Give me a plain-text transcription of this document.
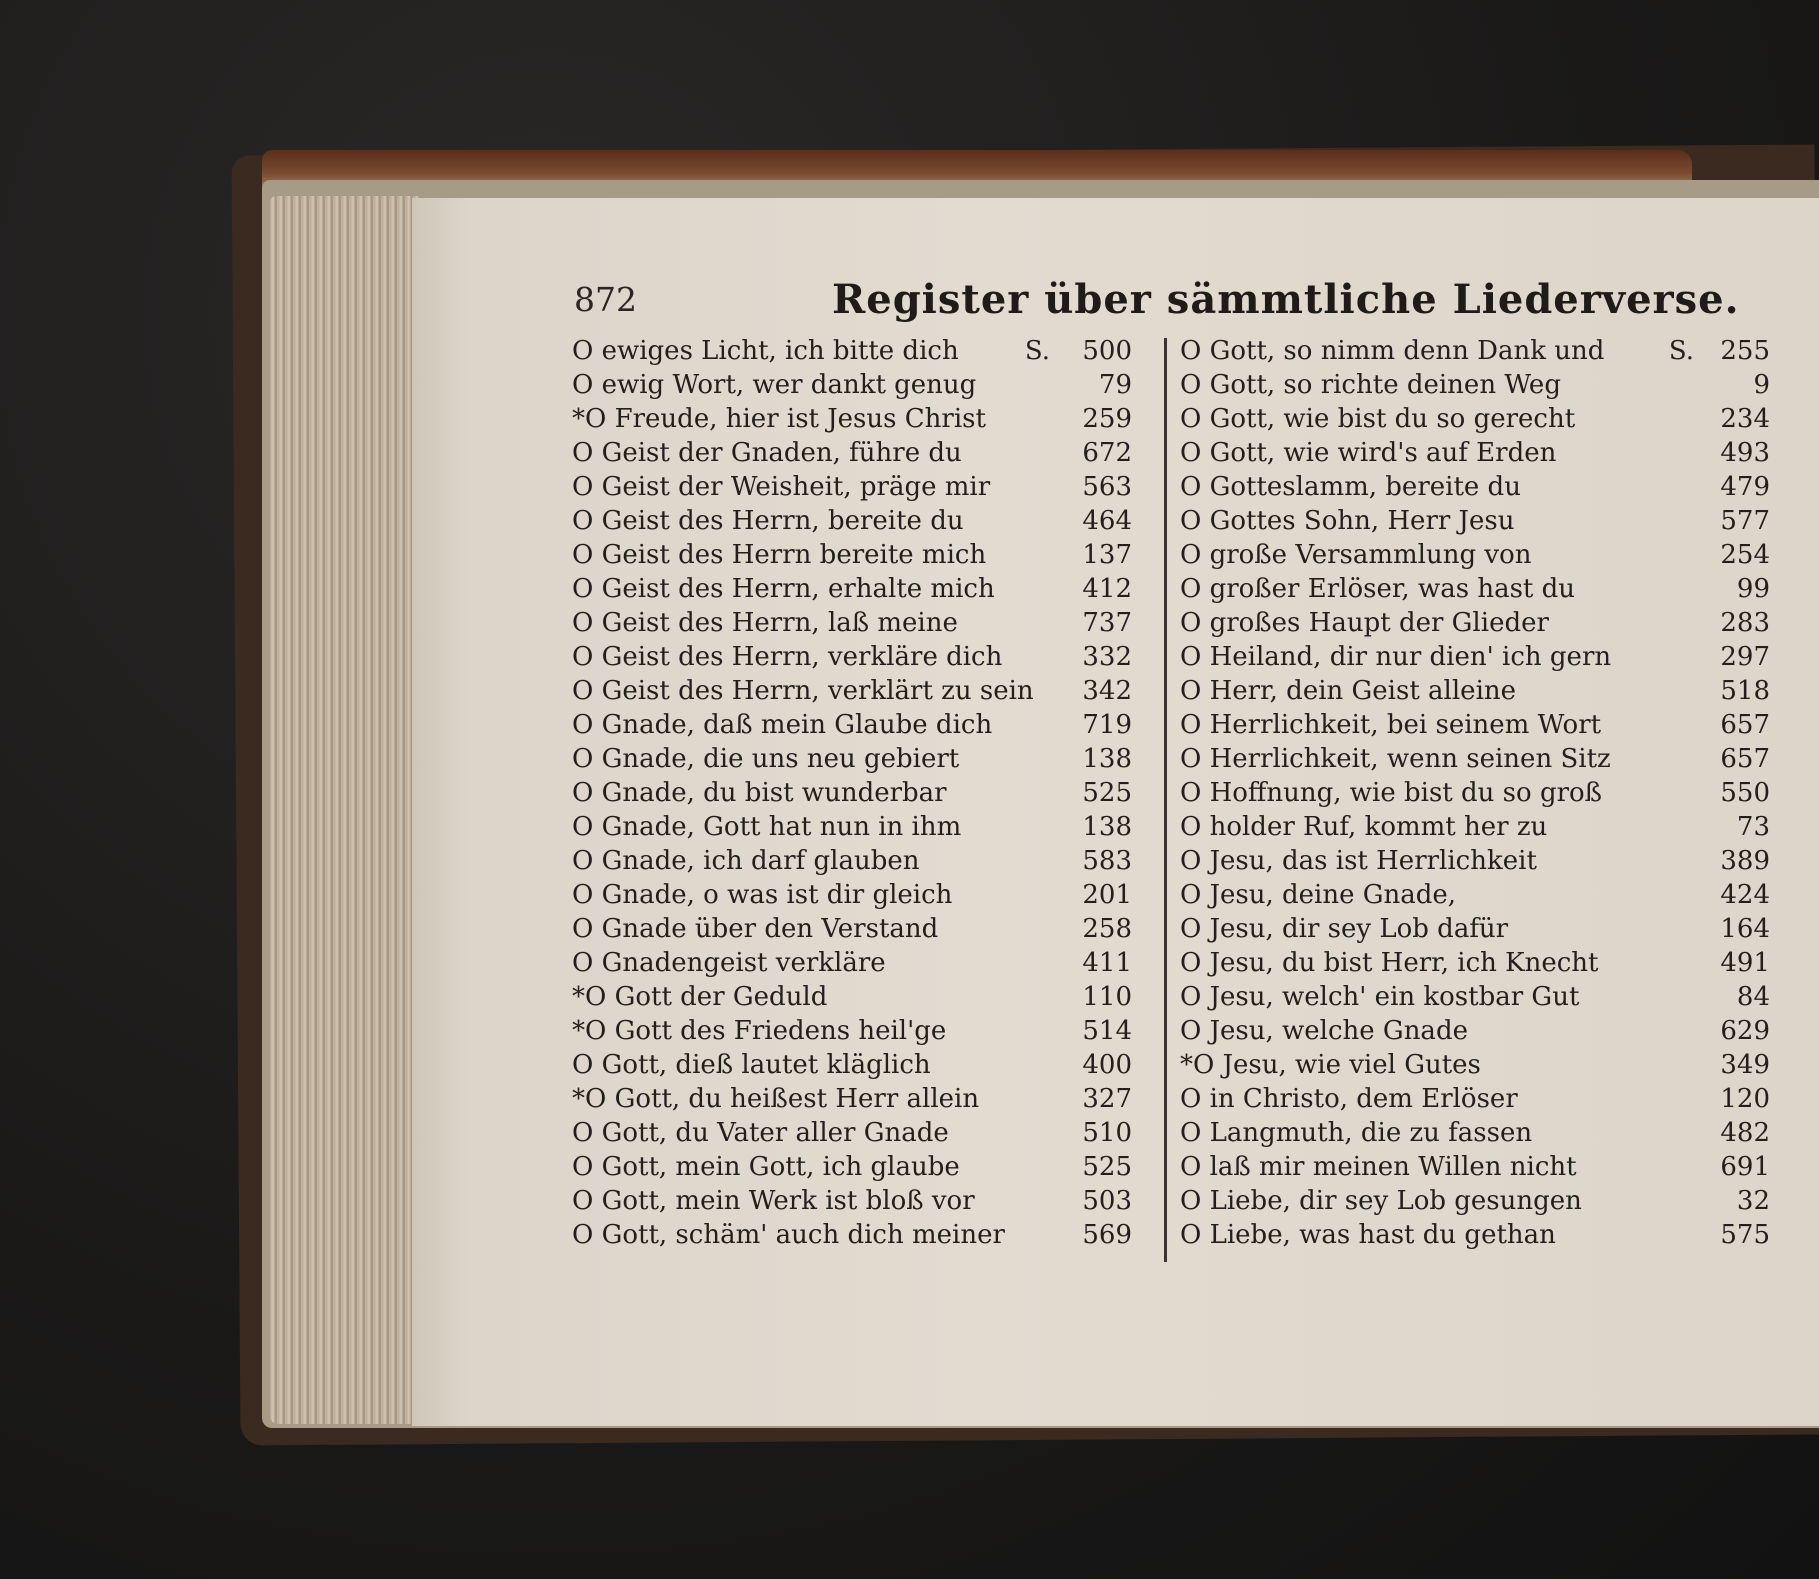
872	Register über sämmtliche Liederverse.
O ewiges Licht, ich bitte dich	S. 500
O ewig Wort, wer dankt genug	79
*O Freude, hier ist Jesus Christ	259
O Geist der Gnaden, führe du	672
O Geist der Weisheit, präge mir	563
O Geist des Herrn, bereite du	464
O Geist des Herrn bereite mich	137
O Geist des Herrn, erhalte mich	412
O Geist des Herrn, laß meine	737
O Geist des Herrn, verkläre dich	332
O Geist des Herrn, verklärt zu sein 342
O Gnade, daß mein Glaube dich	719
O Gnade, die uns neu gebiert	138
O Gnade, du bist wunderbar	525
O Gnade, Gott hat nun in ihm	138
O Gnade, ich darf glauben	583
O Gnade, o was ist dir gleich	201
O Gnade über den Verstand	258
O Gnadengeist verkläre	411
*O Gott der Geduld	110
*O Gott des Friedens heil'ge	514
O Gott, dieß lautet kläglich	400
*O Gott, du heißest Herr allein	327
O Gott, du Vater aller Gnade	510
O Gott, mein Gott, ich glaube	525
O Gott, mein Werk ist bloß vor	503
O Gott, schäm' auch dich meiner	569
O Gott, so nimm denn Dank und S. 255
O Gott, so richte deinen Weg	9
O Gott, wie bist du so gerecht	234
O Gott, wie wird's auf Erden	493
O Gotteslamm, bereite du	479
O Gottes Sohn, Herr Jesu	577
O große Versammlung von	254
O großer Erlöser, was hast du	99
O großes Haupt der Glieder	283
O Heiland, dir nur dien' ich gern	297
O Herr, dein Geist alleine	518
O Herrlichkeit, bei seinem Wort	657
O Herrlichkeit, wenn seinen Sitz	657
O Hoffnung, wie bist du so groß	550
O holder Ruf, kommt her zu	73
O Jesu, das ist Herrlichkeit	389
O Jesu, deine Gnade,	424
O Jesu, dir sey Lob dafür	164
O Jesu, du bist Herr, ich Knecht	491
O Jesu, welch' ein kostbar Gut	84
O Jesu, welche Gnade	629
*O Jesu, wie viel Gutes	349
O in Christo, dem Erlöser	120
O Langmuth, die zu fassen	482
O laß mir meinen Willen nicht	691
O Liebe, dir sey Lob gesungen	32
O Liebe, was hast du gethan	575
